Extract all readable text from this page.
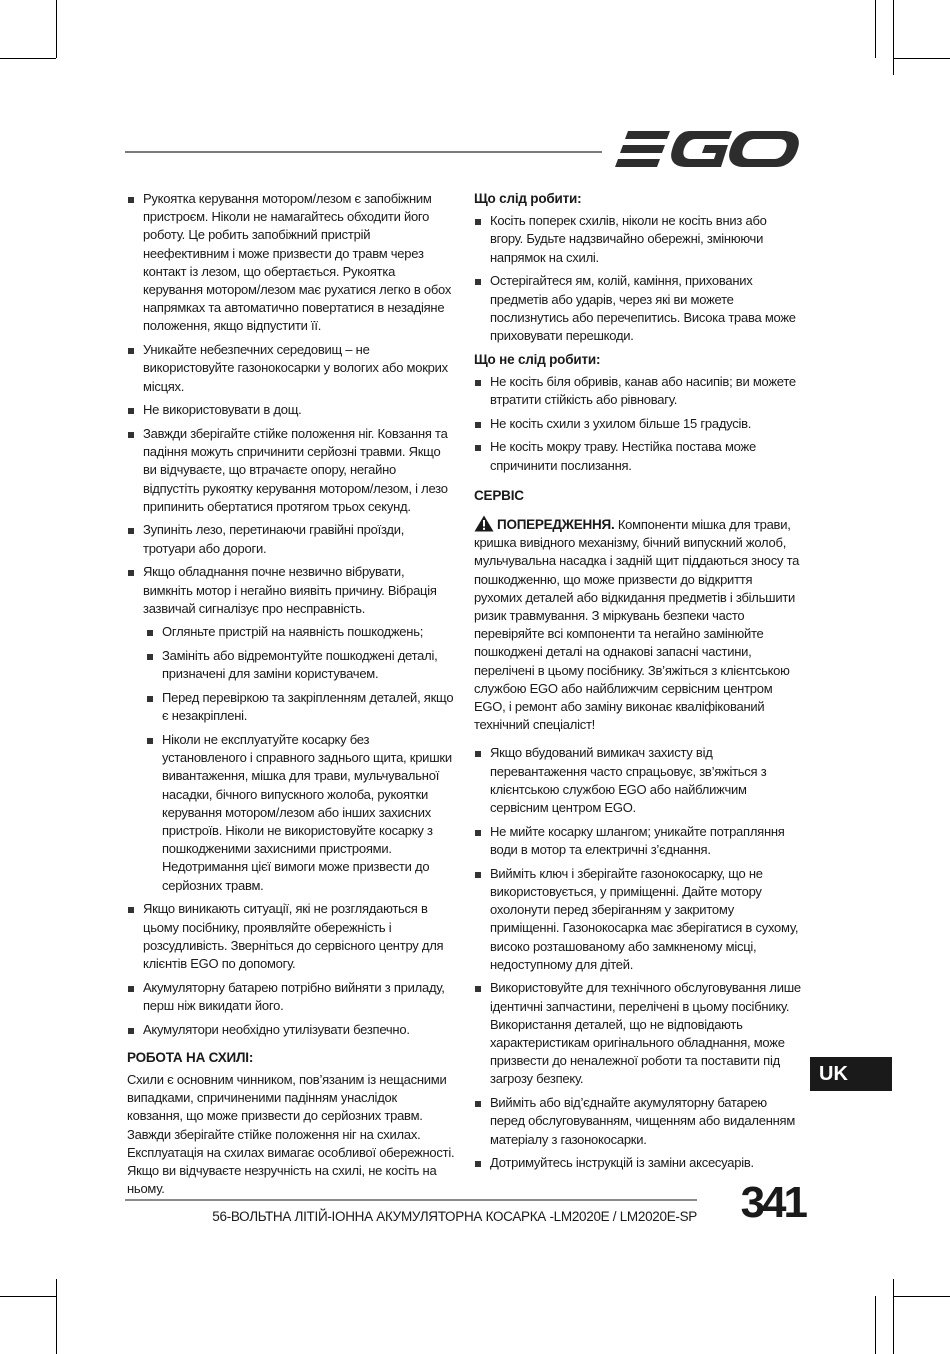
Рукоятка керування мотором/лезом є запобіжним пристроєм. Ніколи не намагайтесь обходити його роботу. Це робить запобіжний пристрій неефективним і може призвести до травм через контакт із лезом, що обертається. Рукоятка керування мотором/лезом має рухатися легко в обох напрямках та автоматично повертатися в незадіяне положення, якщо відпустити її.
Уникайте небезпечних середовищ – не використовуйте газонокосарки у вологих або мокрих місцях.
Не використовувати в дощ.
Завжди зберігайте стійке положення ніг. Ковзання та падіння можуть спричинити серйозні травми. Якщо ви відчуваєте, що втрачаєте опору, негайно відпустіть рукоятку керування мотором/лезом, і лезо припинить обертатися протягом трьох секунд.
Зупиніть лезо, перетинаючи гравійні проїзди, тротуари або дороги.
Якщо обладнання почне незвично вібрувати, вимкніть мотор і негайно виявіть причину. Вібрація зазвичай сигналізує про несправність.
Огляньте пристрій на наявність пошкоджень;
Замініть або відремонтуйте пошкоджені деталі, призначені для заміни користувачем.
Перед перевіркою та закріпленням деталей, якщо є незакріплені.
Ніколи не експлуатуйте косарку без установленого і справного заднього щита, кришки вивантаження, мішка для трави, мульчувальної насадки, бічного випускного жолоба, рукоятки керування мотором/лезом або інших захисних пристроїв. Ніколи не використовуйте косарку з пошкодженими захисними пристроями. Недотримання цієї вимоги може призвести до серйозних травм.
Якщо виникають ситуації, які не розглядаються в цьому посібнику, проявляйте обережність і розсудливість. Зверніться до сервісного центру для клієнтів EGO по допомогу.
Акумуляторну батарею потрібно вийняти з приладу, перш ніж викидати його.
Акумулятори необхідно утилізувати безпечно.
РОБОТА НА СХИЛІ:

Схили є основним чинником, пов’язаним із нещасними випадками, спричиненими падінням унаслідок ковзання, що може призвести до серйозних травм. Завжди зберігайте стійке положення ніг на схилах. Експлуатація на схилах вимагає особливої обережності. Якщо ви відчуваєте незручність на схилі, не косіть на ньому.

Що слід робити:
Косіть поперек схилів, ніколи не косіть вниз або вгору. Будьте надзвичайно обережні, змінюючи напрямок на схилі.
Остерігайтеся ям, колій, каміння, прихованих предметів або ударів, через які ви можете послизнутись або перечепитись. Висока трава може приховувати перешкоди.
Що не слід робити:
Не косіть біля обривів, канав або насипів; ви можете втратити стійкість або рівновагу.
Не косіть схили з ухилом більше 15 градусів.
Не косіть мокру траву. Нестійка постава може спричинити послизання.
СЕРВІС

ПОПЕРЕДЖЕННЯ. Компоненти мішка для трави, кришка вивідного механізму, бічний випускний жолоб, мульчувальна насадка і задній щит піддаються зносу та пошкодженню, що може призвести до відкриття рухомих деталей або відкидання предметів і збільшити ризик травмування. З міркувань безпеки часто перевіряйте всі компоненти та негайно замінюйте пошкоджені деталі на однакові запасні частини, перелічені в цьому посібнику. Зв’яжіться з клієнтською службою EGO або найближчим сервісним центром EGO, і ремонт або заміну виконає кваліфікований технічний спеціаліст!

Якщо вбудований вимикач захисту від перевантаження часто спрацьовує, зв’яжіться з клієнтською службою EGO або найближчим сервісним центром EGO.
Не мийте косарку шлангом; уникайте потрапляння води в мотор та електричні з’єднання.
Вийміть ключ і зберігайте газонокосарку, що не використовується, у приміщенні. Дайте мотору охолонути перед зберіганням у закритому приміщенні. Газонокосарка має зберігатися в сухому, високо розташованому або замкненому місці, недоступному для дітей.
Використовуйте для технічного обслуговування лише ідентичні запчастини, перелічені в цьому посібнику. Використання деталей, що не відповідають характеристикам оригінального обладнання, може призвести до неналежної роботи та поставити під загрозу безпеку.
Вийміть або від’єднайте акумуляторну батарею перед обслуговуванням, чищенням або видаленням матеріалу з газонокосарки.
Дотримуйтесь інструкцій із заміни аксесуарів.
UK
56-ВОЛЬТНА ЛІТІЙ-ІОННА АКУМУЛЯТОРНА КОСАРКА -LM2020E / LM2020E-SP 341
